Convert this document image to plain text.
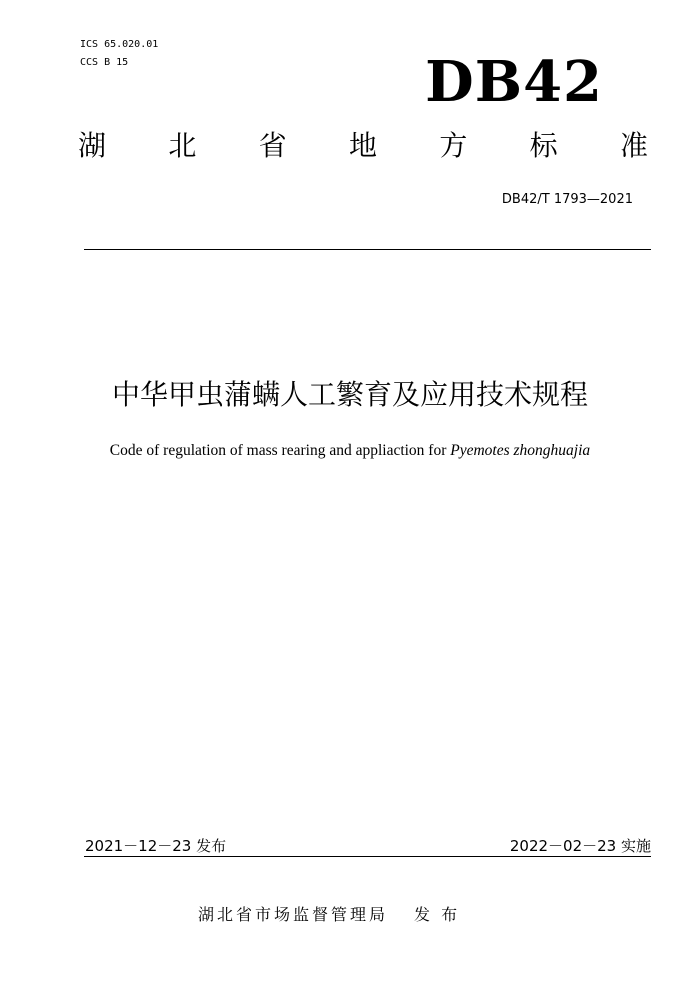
ICS 65.020.01
CCS B 15	DB42
湖 北 省 地 方 标 准
DB42/T 1793—2021
中华甲虫蒲螨人工繁育及应用技术规程
Code of regulation of mass rearing and appliaction for Pyemotes zhonghuajia
2021－12－23 发布	2022－02－23 实施
湖北省市场监督管理局 发 布
